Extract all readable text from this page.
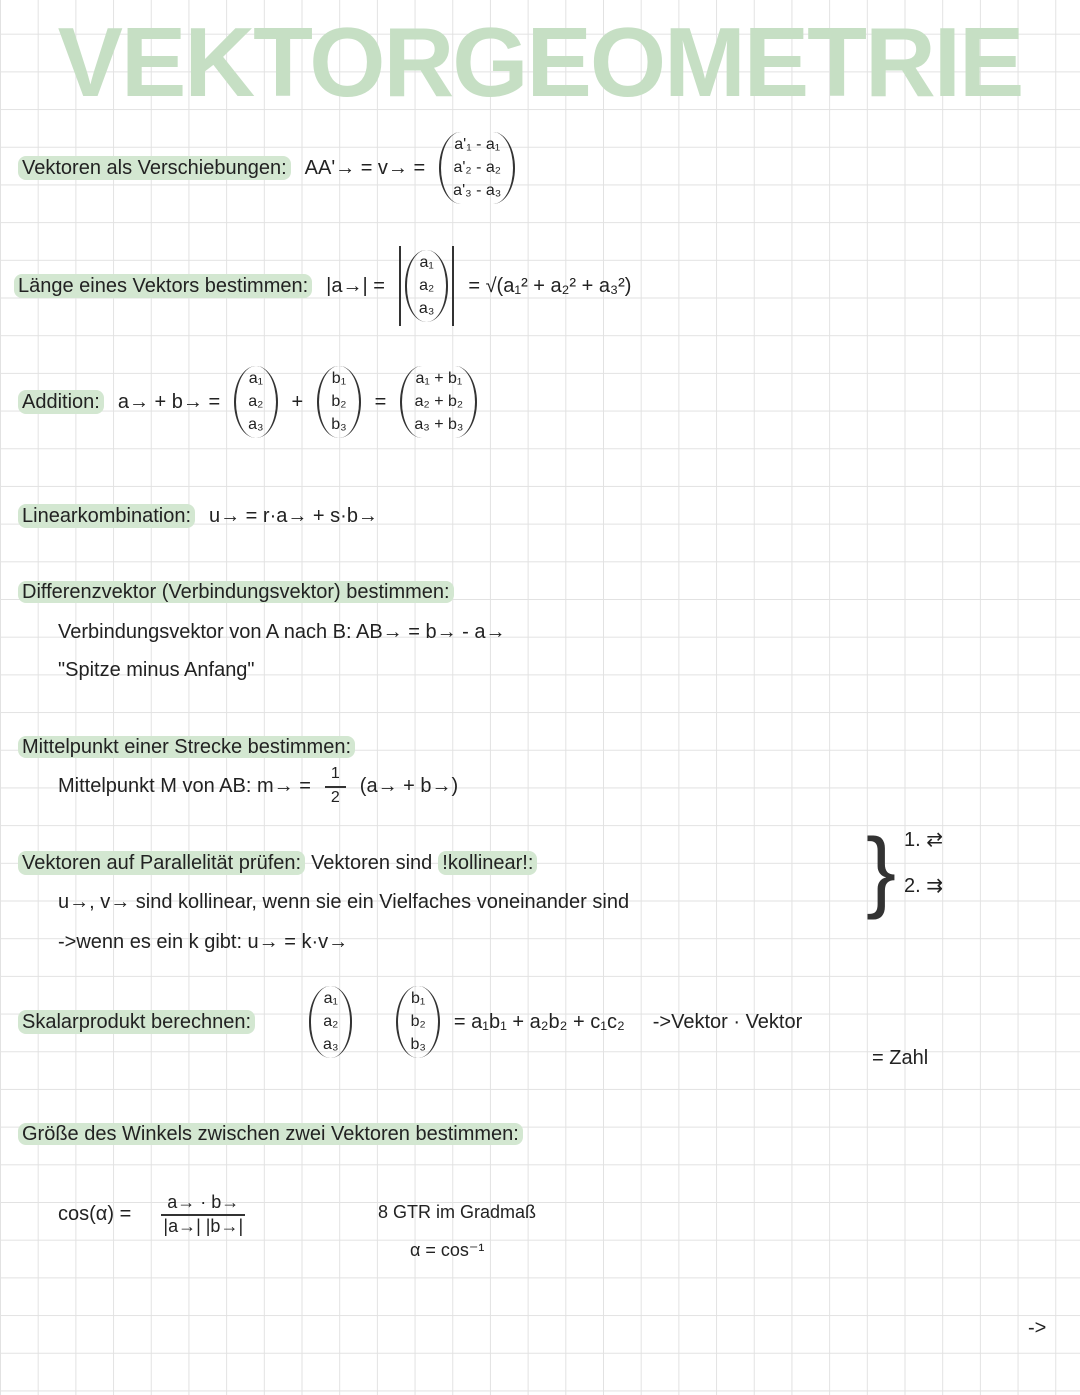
VEKTORGEOMETRIE
Vektoren als Verschiebungen: AA'→ = v→ =
a'₁ - a₁
a'₂ - a₂
a'₃ - a₃
Länge eines Vektors bestimmen: |a→| =
a₁
a₂
a₃
= √(a₁² + a₂² + a₃²)
Addition: a→ + b→ =
a₁
a₂
a₃
+
b₁
b₂
b₃
=
a₁ + b₁
a₂ + b₂
a₃ + b₃
Linearkombination: u→ = r·a→ + s·b→
Differenzvektor (Verbindungsvektor) bestimmen:
Verbindungsvektor von A nach B: AB→ = b→ - a→
"Spitze minus Anfang"
Mittelpunkt einer Strecke bestimmen:
Mittelpunkt M von AB: $m\to = \frac{1}{2} (a\to + b\to)$
Vektoren auf Parallelität prüfen: Vektoren sind !kollinear!:
u→, v→ sind kollinear, wenn sie ein Vielfaches voneinander sind
->wenn es ein k gibt: u→ = k·v→
} 1. ⇄
2. ⇉
Skalarprodukt berechnen:
a₁
a₂
a₃
b₁
b₂
b₃
= a₁b₁ + a₂b₂ + c₁c₂ ->Vektor · Vektor
= Zahl
Größe des Winkels zwischen zwei Vektoren bestimmen:
$\cos(\alpha) = \frac{a\to \cdot b\to}{|a\to| |b\to|}$	8 GTR im Gradmaß
α = cos⁻¹
->
